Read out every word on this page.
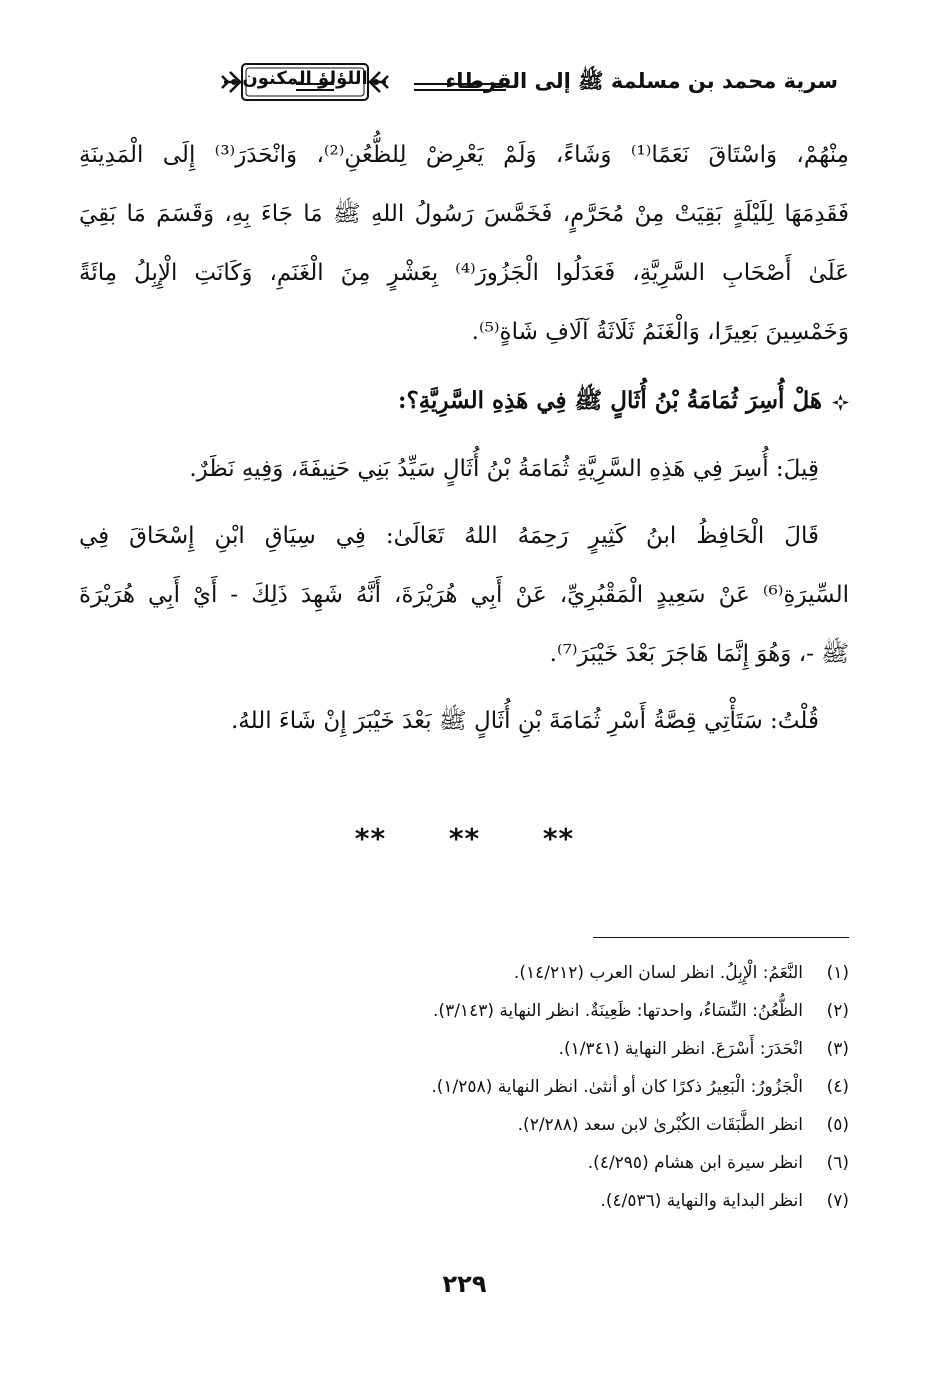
سرية محمد بن مسلمة ﷺ إلى القرطاء
اللؤلؤ المكنون
مِنْهُمْ، وَاسْتَاقَ نَعَمًا⁽¹⁾ وَشَاءً، وَلَمْ يَعْرِضْ لِلظُّعُنِ⁽²⁾، وَانْحَدَرَ⁽³⁾ إِلَى الْمَدِينَةِ
فَقَدِمَهَا لِلَيْلَةٍ بَقِيَتْ مِنْ مُحَرَّمٍ، فَخَمَّسَ رَسُولُ اللهِ ﷺ مَا جَاءَ بِهِ، وَقَسَمَ مَا بَقِيَ
عَلَىٰ أَصْحَابِ السَّرِيَّةِ، فَعَدَلُوا الْجَزُورَ⁽⁴⁾ بِعَشْرٍ مِنَ الْغَنَمِ، وَكَانَتِ الْإِبِلُ مِائَةً
وَخَمْسِينَ بَعِيرًا، وَالْغَنَمُ ثَلَاثَةُ آلَافِ شَاةٍ⁽⁵⁾.
هَلْ أُسِرَ ثُمَامَةُ بْنُ أُثَالٍ ﷺ فِي هَذِهِ السَّرِيَّةِ؟:
قِيلَ: أُسِرَ فِي هَذِهِ السَّرِيَّةِ ثُمَامَةُ بْنُ أُثَالٍ سَيِّدُ بَنِي حَنِيفَةَ، وَفِيهِ نَظَرٌ.
قَالَ الْحَافِظُ ابنُ كَثِيرٍ رَحِمَهُ اللهُ تَعَالَىٰ: فِي سِيَاقِ ابْنِ إِسْحَاقَ فِي
السِّيرَةِ⁽⁶⁾ عَنْ سَعِيدٍ الْمَقْبُرِيِّ، عَنْ أَبِي هُرَيْرَةَ، أَنَّهُ شَهِدَ ذَلِكَ - أَيْ أَبِي هُرَيْرَةَ
ﷺ -، وَهُوَ إِنَّمَا هَاجَرَ بَعْدَ خَيْبَرَ⁽⁷⁾.
قُلْتُ: سَتَأْتِي قِصَّةُ أَسْرِ ثُمَامَةَ بْنِ أُثَالٍ ﷺ بَعْدَ خَيْبَرَ إِنْ شَاءَ اللهُ.
** ** **
(١)النَّعَمُ: الْإِبِلُ. انظر لسان العرب (١٤/٢١٢).
(٢)الظُّعُنُ: النِّسَاءُ، واحدتها: ظَعِينَةٌ. انظر النهاية (٣/١٤٣).
(٣)انْحَدَرَ: أَسْرَعَ. انظر النهاية (١/٣٤١).
(٤)الْجَزُورُ: الْبَعِيرُ ذكرًا كان أو أنثىٰ. انظر النهاية (١/٢٥٨).
(٥)انظر الطَّبَقَات الكُبْرىٰ لابن سعد (٢/٢٨٨).
(٦)انظر سيرة ابن هشام (٤/٢٩٥).
(٧)انظر البداية والنهاية (٤/٥٣٦).
٢٢٩
